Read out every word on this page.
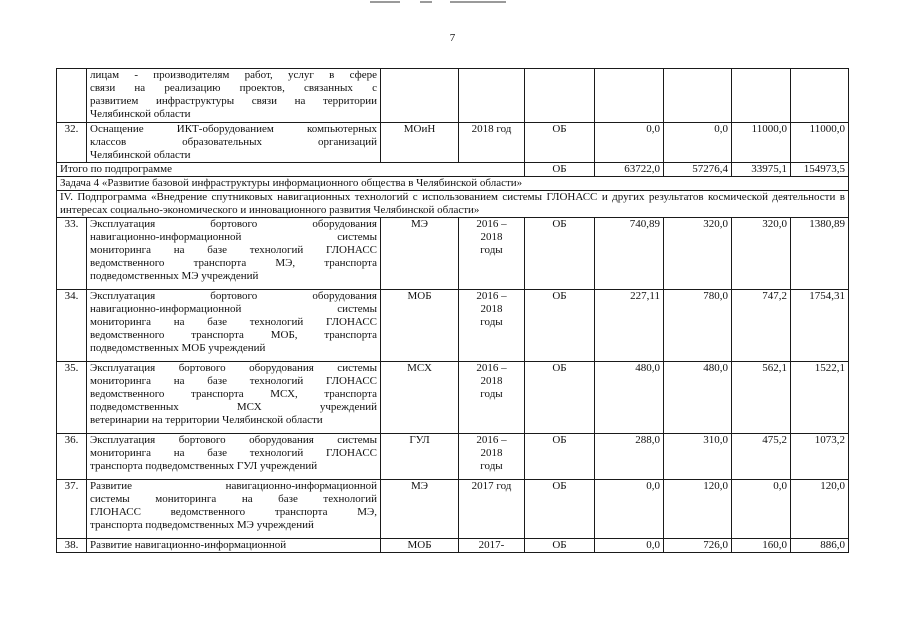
7

	лицам - производителям работ, услуг в сфере
связи на реализацию проектов, связанных с
развитием инфраструктуры связи на территории
Челябинской области							

32.	Оснащение ИКТ-оборудованием компьютерных
классов образовательных организаций
Челябинской области	МОиН	2018 год	ОБ	0,0	0,0	11000,0	11000,0
Итого по подпрограмме				ОБ	63722,0	57276,4	33975,1	154973,5
Задача 4 «Развитие базовой инфраструктуры информационного общества в Челябинской области»								
IV. Подпрограмма «Внедрение спутниковых навигационных технологий с использованием системы ГЛОНАСС и других результатов космической деятельности в интересах социально-экономического и инновационного развития Челябинской области»								
33.	Эксплуатация бортового оборудования
навигационно-информационной системы
мониторинга на базе технологий ГЛОНАСС
ведомственного транспорта МЭ, транспорта
подведомственных МЭ учреждений	МЭ	2016 – 2018 годы	ОБ	740,89	320,0	320,0	1380,89
34.	Эксплуатация бортового оборудования
навигационно-информационной системы
мониторинга на базе технологий ГЛОНАСС
ведомственного транспорта МОБ, транспорта
подведомственных МОБ учреждений	МОБ	2016 – 2018 годы	ОБ	227,11	780,0	747,2	1754,31
35.	Эксплуатация бортового оборудования системы
мониторинга на базе технологий ГЛОНАСС
ведомственного транспорта МСХ, транспорта
подведомственных МСХ учреждений
ветеринарии на территории Челябинской области	МСХ	2016 – 2018 годы	ОБ	480,0	480,0	562,1	1522,1
36.	Эксплуатация бортового оборудования системы
мониторинга на базе технологий ГЛОНАСС
транспорта подведомственных ГУЛ учреждений	ГУЛ	2016 – 2018 годы	ОБ	288,0	310,0	475,2	1073,2
37.	Развитие навигационно-информационной
системы мониторинга на базе технологий
ГЛОНАСС ведомственного транспорта МЭ,
транспорта подведомственных МЭ учреждений	МЭ	2017 год	ОБ	0,0	120,0	0,0	120,0
38.	Развитие навигационно-информационной	МОБ	2017-	ОБ	0,0	726,0	160,0	886,0
